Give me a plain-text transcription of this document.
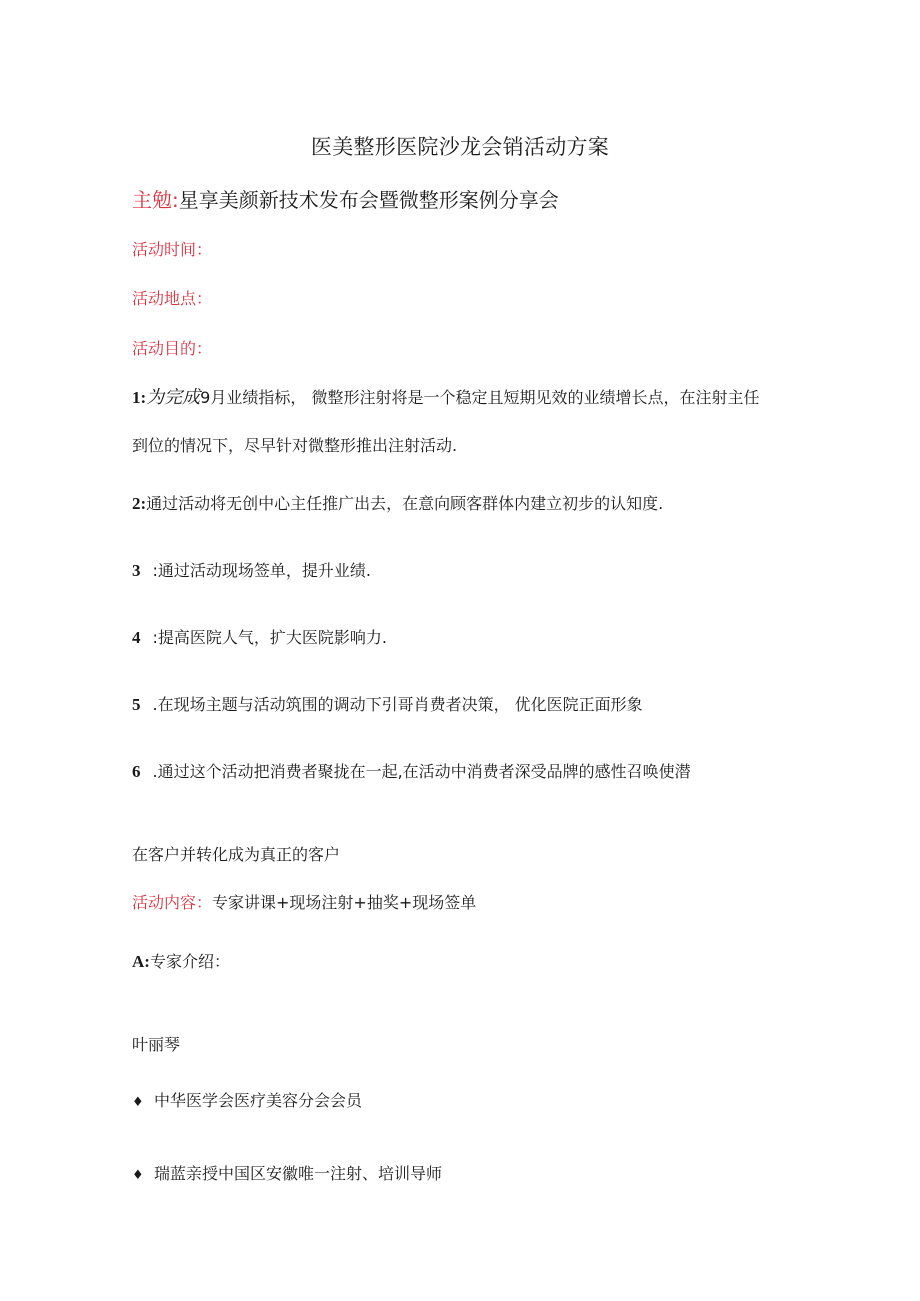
医美整形医院沙龙会销活动方案
主勉:星享美颜新技术发布会暨微整形案例分享会
活动时间：
活动地点：
活动目的：
1:为完成9月业绩指标， 微整形注射将是一个稳定且短期见效的业绩增长点，在注射主任
到位的情况下，尽早针对微整形推出注射活动.
2:通过活动将无创中心主任推广出去，在意向顾客群体内建立初步的认知度.
3 :通过活动现场签单，提升业绩.
4 :提高医院人气，扩大医院影响力.
5 .在现场主题与活动筑围的调动下引哥肖费者决策， 优化医院正面形象
6 .通过这个活动把消费者聚拢在一起,在活动中消费者深受品牌的感性召唤使潜
在客户并转化成为真正的客户
活动内容：专家讲课+现场注射+抽奖+现场签单
A:专家介绍：
叶丽琴
♦ 中华医学会医疗美容分会会员
♦ 瑞蓝亲授中国区安徽唯一注射、培训导师
